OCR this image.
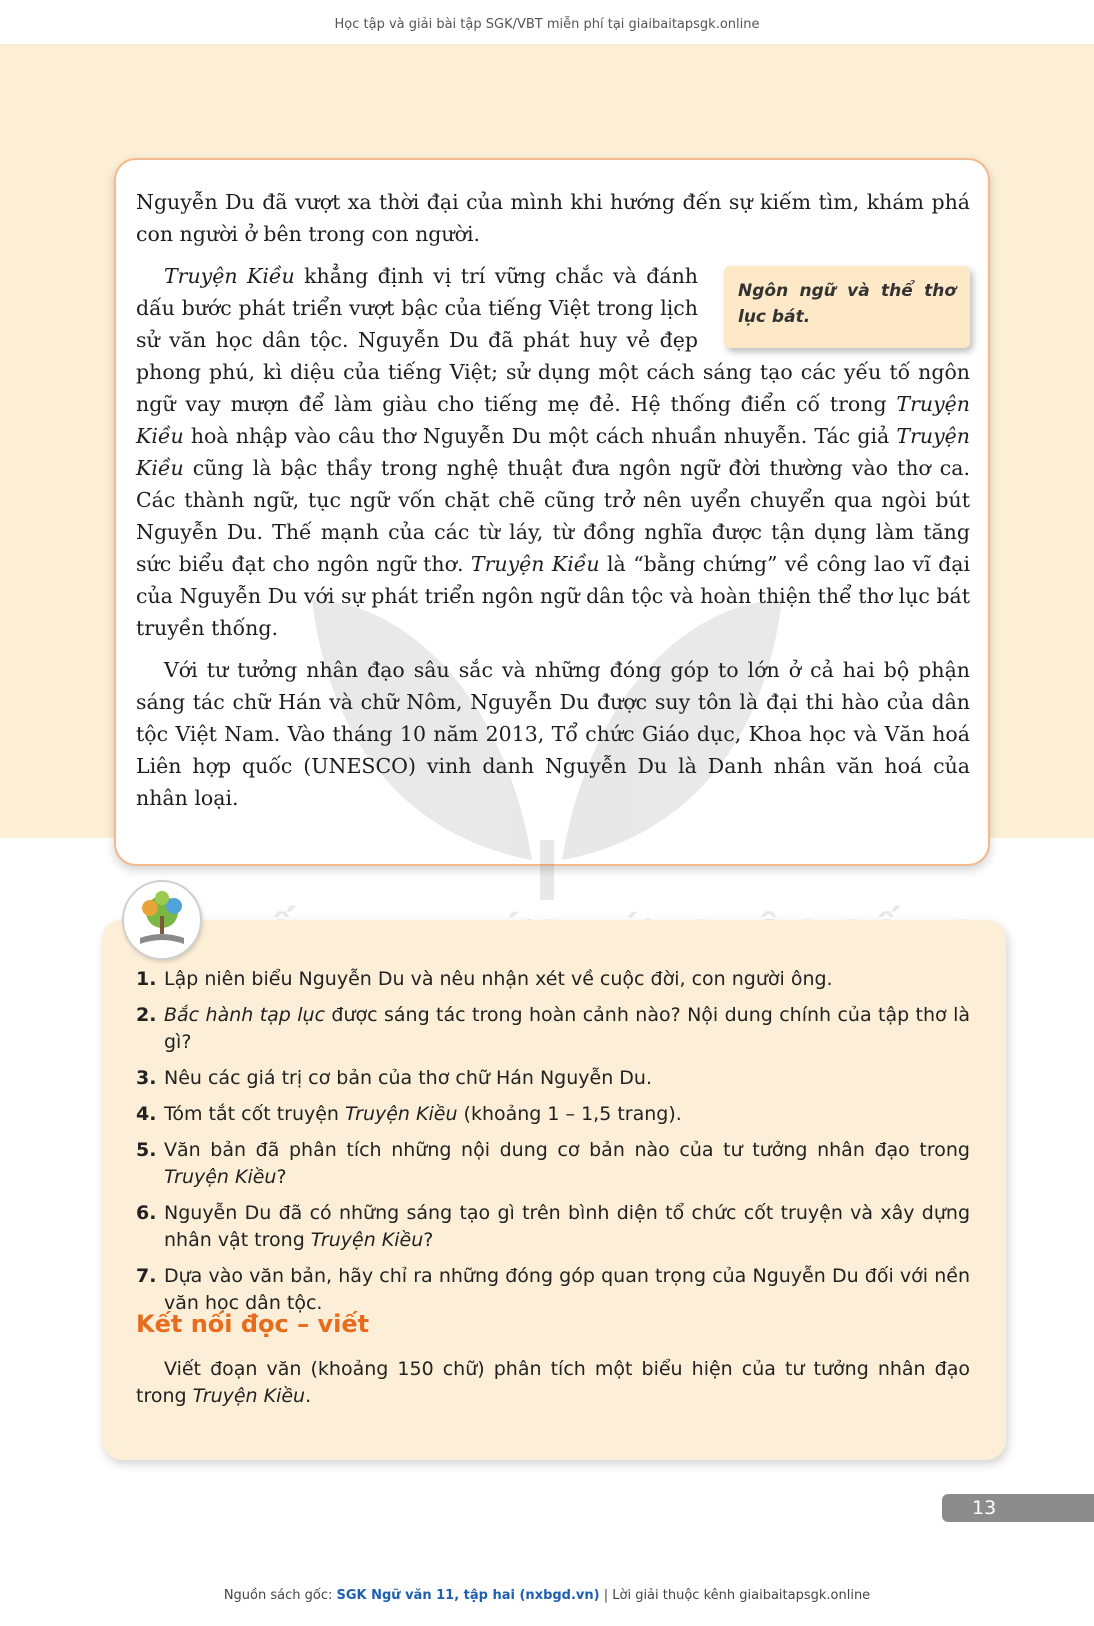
Học tập và giải bài tập SGK/VBT miễn phí tại giaibaitapsgk.online

Nguyễn Du đã vượt xa thời đại của mình khi hướng đến sự kiếm tìm, khám phá con người ở bên trong con người.

Ngôn ngữ và thể thơ lục bát.
Truyện Kiều khẳng định vị trí vững chắc và đánh dấu bước phát triển vượt bậc của tiếng Việt trong lịch sử văn học dân tộc. Nguyễn Du đã phát huy vẻ đẹp phong phú, kì diệu của tiếng Việt; sử dụng một cách sáng tạo các yếu tố ngôn ngữ vay mượn để làm giàu cho tiếng mẹ đẻ. Hệ thống điển cố trong Truyện Kiều hoà nhập vào câu thơ Nguyễn Du một cách nhuần nhuyễn. Tác giả Truyện Kiều cũng là bậc thầy trong nghệ thuật đưa ngôn ngữ đời thường vào thơ ca. Các thành ngữ, tục ngữ vốn chặt chẽ cũng trở nên uyển chuyển qua ngòi bút Nguyễn Du. Thế mạnh của các từ láy, từ đồng nghĩa được tận dụng làm tăng sức biểu đạt cho ngôn ngữ thơ. Truyện Kiều là “bằng chứng” về công lao vĩ đại của Nguyễn Du với sự phát triển ngôn ngữ dân tộc và hoàn thiện thể thơ lục bát truyền thống.

Với tư tưởng nhân đạo sâu sắc và những đóng góp to lớn ở cả hai bộ phận sáng tác chữ Hán và chữ Nôm, Nguyễn Du được suy tôn là đại thi hào của dân tộc Việt Nam. Vào tháng 10 năm 2013, Tổ chức Giáo dục, Khoa học và Văn hoá Liên hợp quốc (UNESCO) vinh danh Nguyễn Du là Danh nhân văn hoá của nhân loại.

1. Lập niên biểu Nguyễn Du và nêu nhận xét về cuộc đời, con người ông.
2. Bắc hành tạp lục được sáng tác trong hoàn cảnh nào? Nội dung chính của tập thơ là gì?
3. Nêu các giá trị cơ bản của thơ chữ Hán Nguyễn Du.
4. Tóm tắt cốt truyện Truyện Kiều (khoảng 1 – 1,5 trang).
5. Văn bản đã phân tích những nội dung cơ bản nào của tư tưởng nhân đạo trong Truyện Kiều?
6. Nguyễn Du đã có những sáng tạo gì trên bình diện tổ chức cốt truyện và xây dựng nhân vật trong Truyện Kiều?
7. Dựa vào văn bản, hãy chỉ ra những đóng góp quan trọng của Nguyễn Du đối với nền văn học dân tộc.
Kết nối đọc – viết

Viết đoạn văn (khoảng 150 chữ) phân tích một biểu hiện của tư tưởng nhân đạo trong Truyện Kiều.

13
Nguồn sách gốc: SGK Ngữ văn 11, tập hai (nxbgd.vn) | Lời giải thuộc kênh giaibaitapsgk.online
